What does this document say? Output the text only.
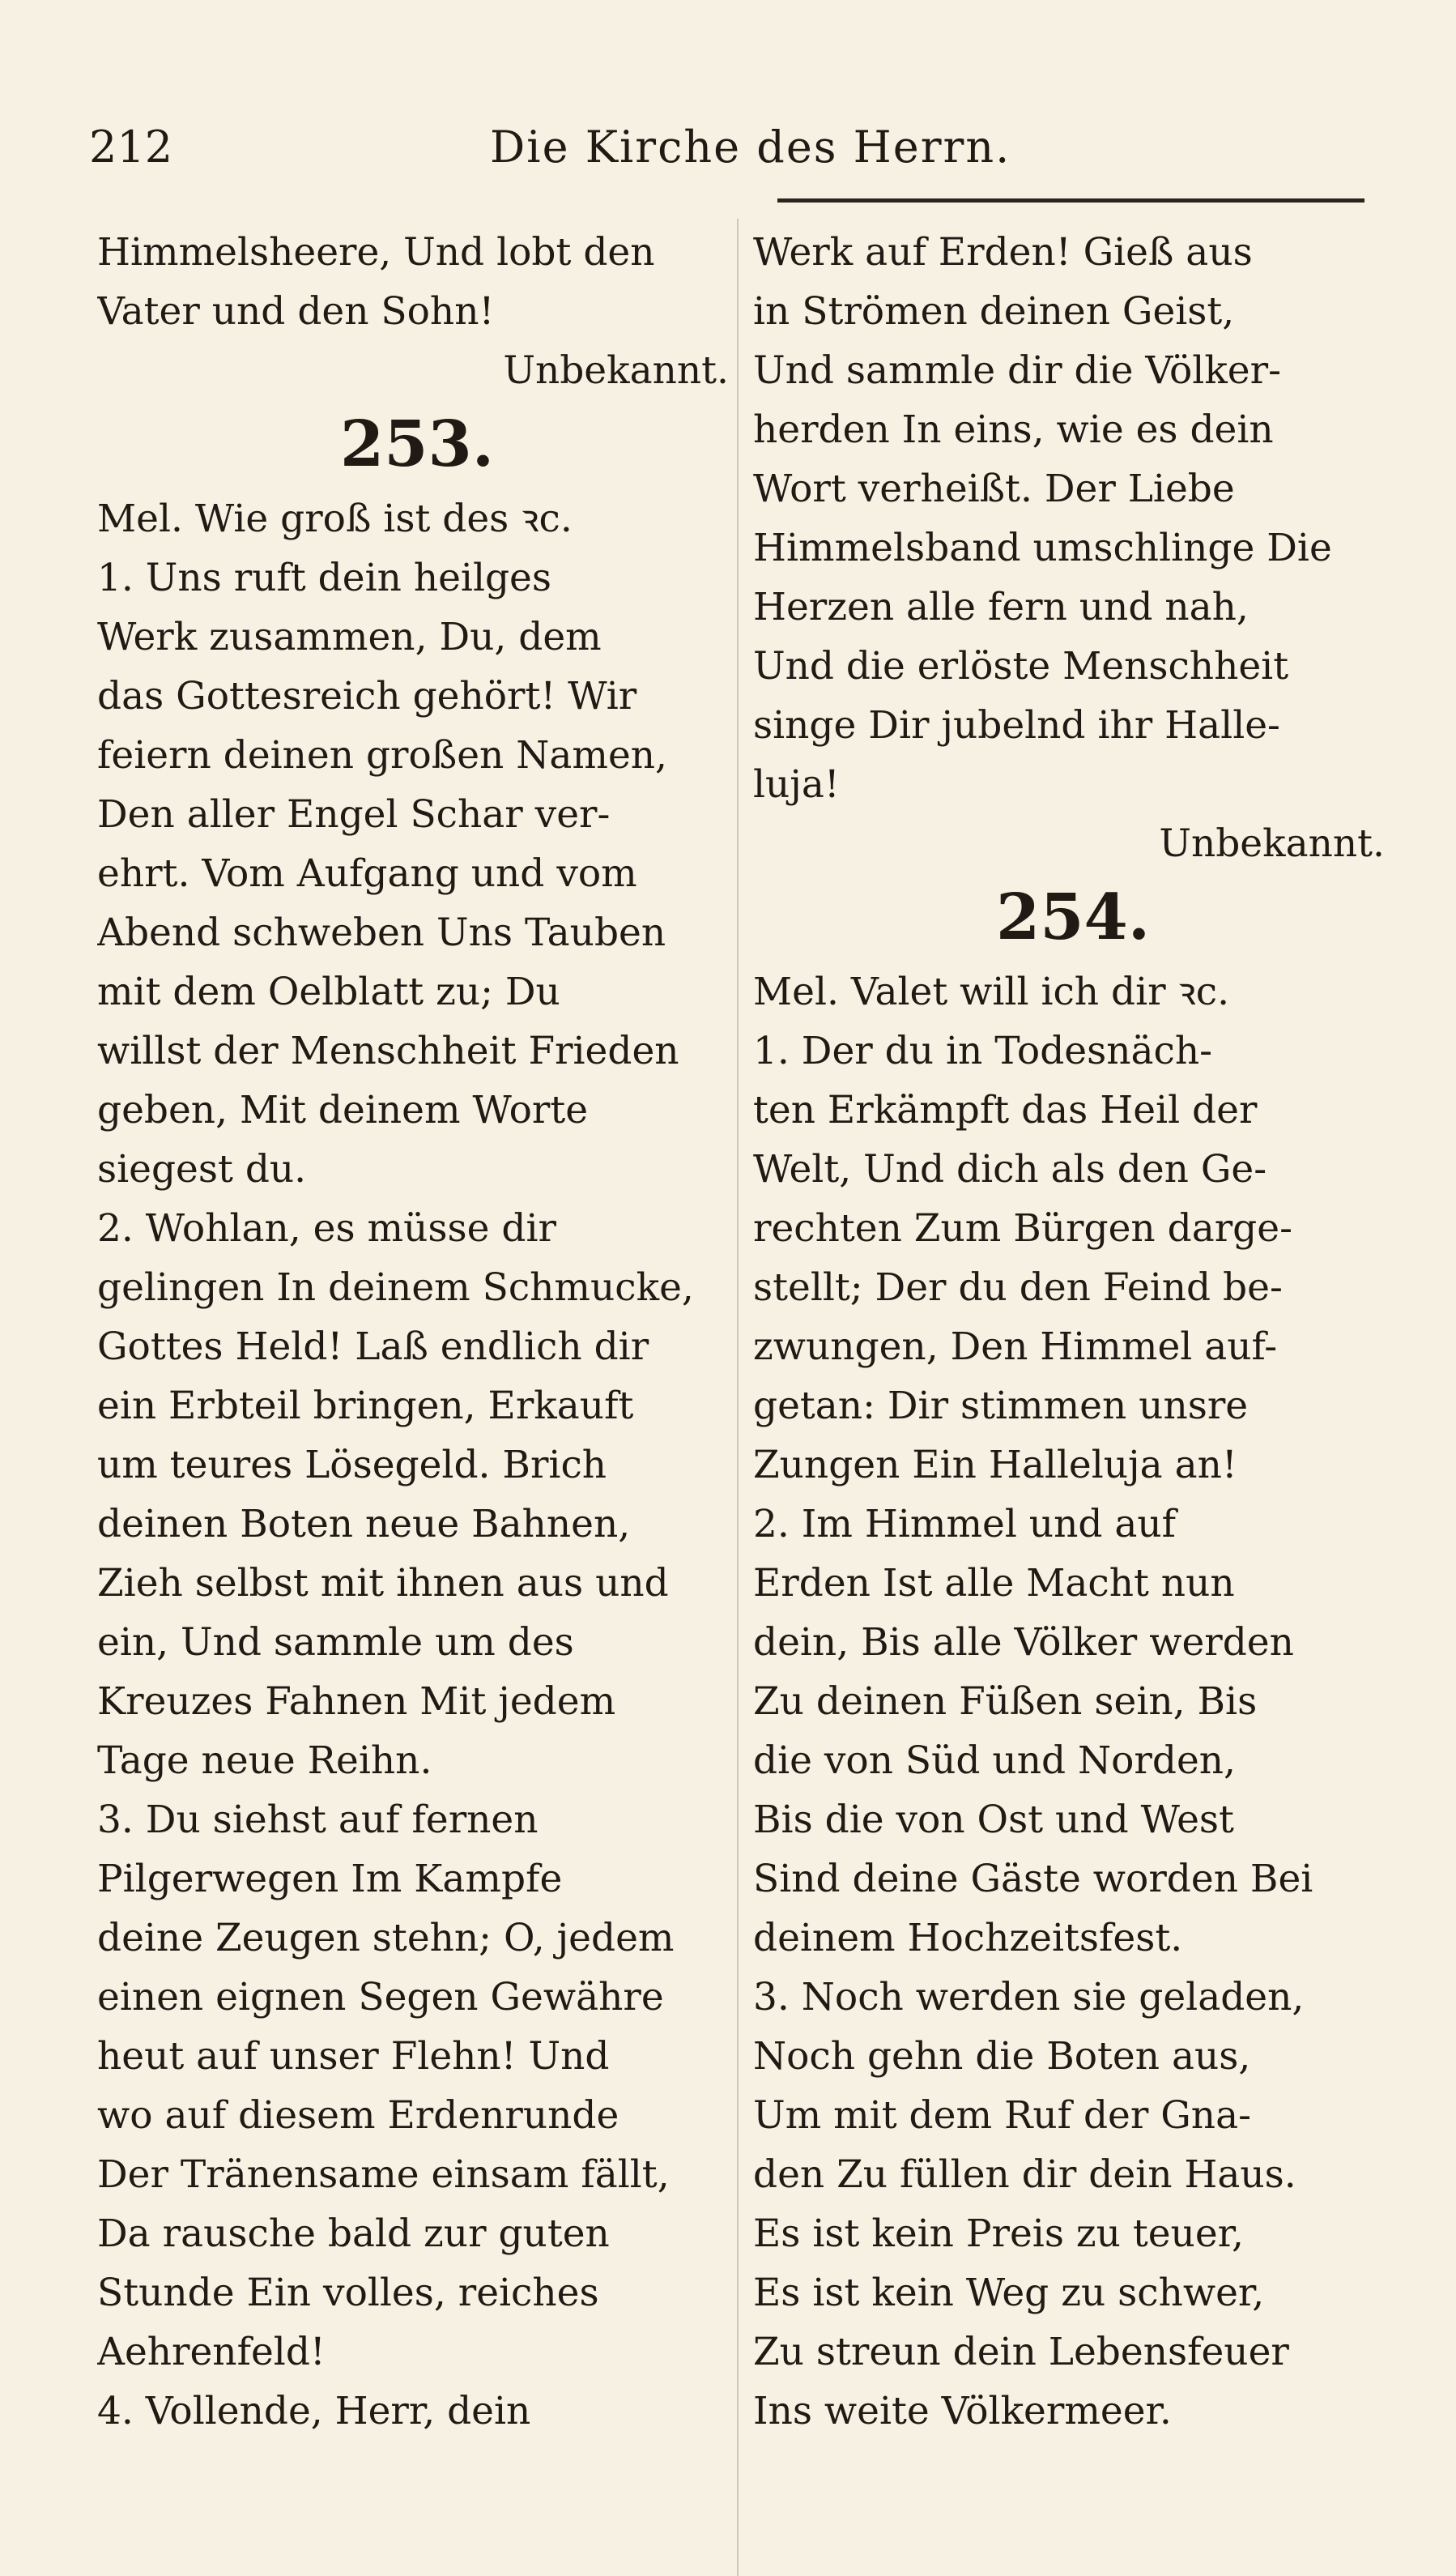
212	Die Kirche des Herrn.
Himmelsheere, Und lobt den
Vater und den Sohn!
Unbekannt.
253.
Mel. Wie groß ist des ꝛc.
1. Uns ruft dein heilges
Werk zusammen, Du, dem
das Gottesreich gehört! Wir
feiern deinen großen Namen,
Den aller Engel Schar ver-
ehrt. Vom Aufgang und vom
Abend schweben Uns Tauben
mit dem Oelblatt zu; Du
willst der Menschheit Frieden
geben, Mit deinem Worte
siegest du.
2. Wohlan, es müsse dir
gelingen In deinem Schmucke,
Gottes Held! Laß endlich dir
ein Erbteil bringen, Erkauft
um teures Lösegeld. Brich
deinen Boten neue Bahnen,
Zieh selbst mit ihnen aus und
ein, Und sammle um des
Kreuzes Fahnen Mit jedem
Tage neue Reihn.
3. Du siehst auf fernen
Pilgerwegen Im Kampfe
deine Zeugen stehn; O, jedem
einen eignen Segen Gewähre
heut auf unser Flehn! Und
wo auf diesem Erdenrunde
Der Tränensame einsam fällt,
Da rausche bald zur guten
Stunde Ein volles, reiches
Aehrenfeld!
4. Vollende, Herr, dein
Werk auf Erden! Gieß aus
in Strömen deinen Geist,
Und sammle dir die Völker-
herden In eins, wie es dein
Wort verheißt. Der Liebe
Himmelsband umschlinge Die
Herzen alle fern und nah,
Und die erlöste Menschheit
singe Dir jubelnd ihr Halle-
luja!
Unbekannt.
254.
Mel. Valet will ich dir ꝛc.
1. Der du in Todesnäch-
ten Erkämpft das Heil der
Welt, Und dich als den Ge-
rechten Zum Bürgen darge-
stellt; Der du den Feind be-
zwungen, Den Himmel auf-
getan: Dir stimmen unsre
Zungen Ein Halleluja an!
2. Im Himmel und auf
Erden Ist alle Macht nun
dein, Bis alle Völker werden
Zu deinen Füßen sein, Bis
die von Süd und Norden,
Bis die von Ost und West
Sind deine Gäste worden Bei
deinem Hochzeitsfest.
3. Noch werden sie geladen,
Noch gehn die Boten aus,
Um mit dem Ruf der Gna-
den Zu füllen dir dein Haus.
Es ist kein Preis zu teuer,
Es ist kein Weg zu schwer,
Zu streun dein Lebensfeuer
Ins weite Völkermeer.
